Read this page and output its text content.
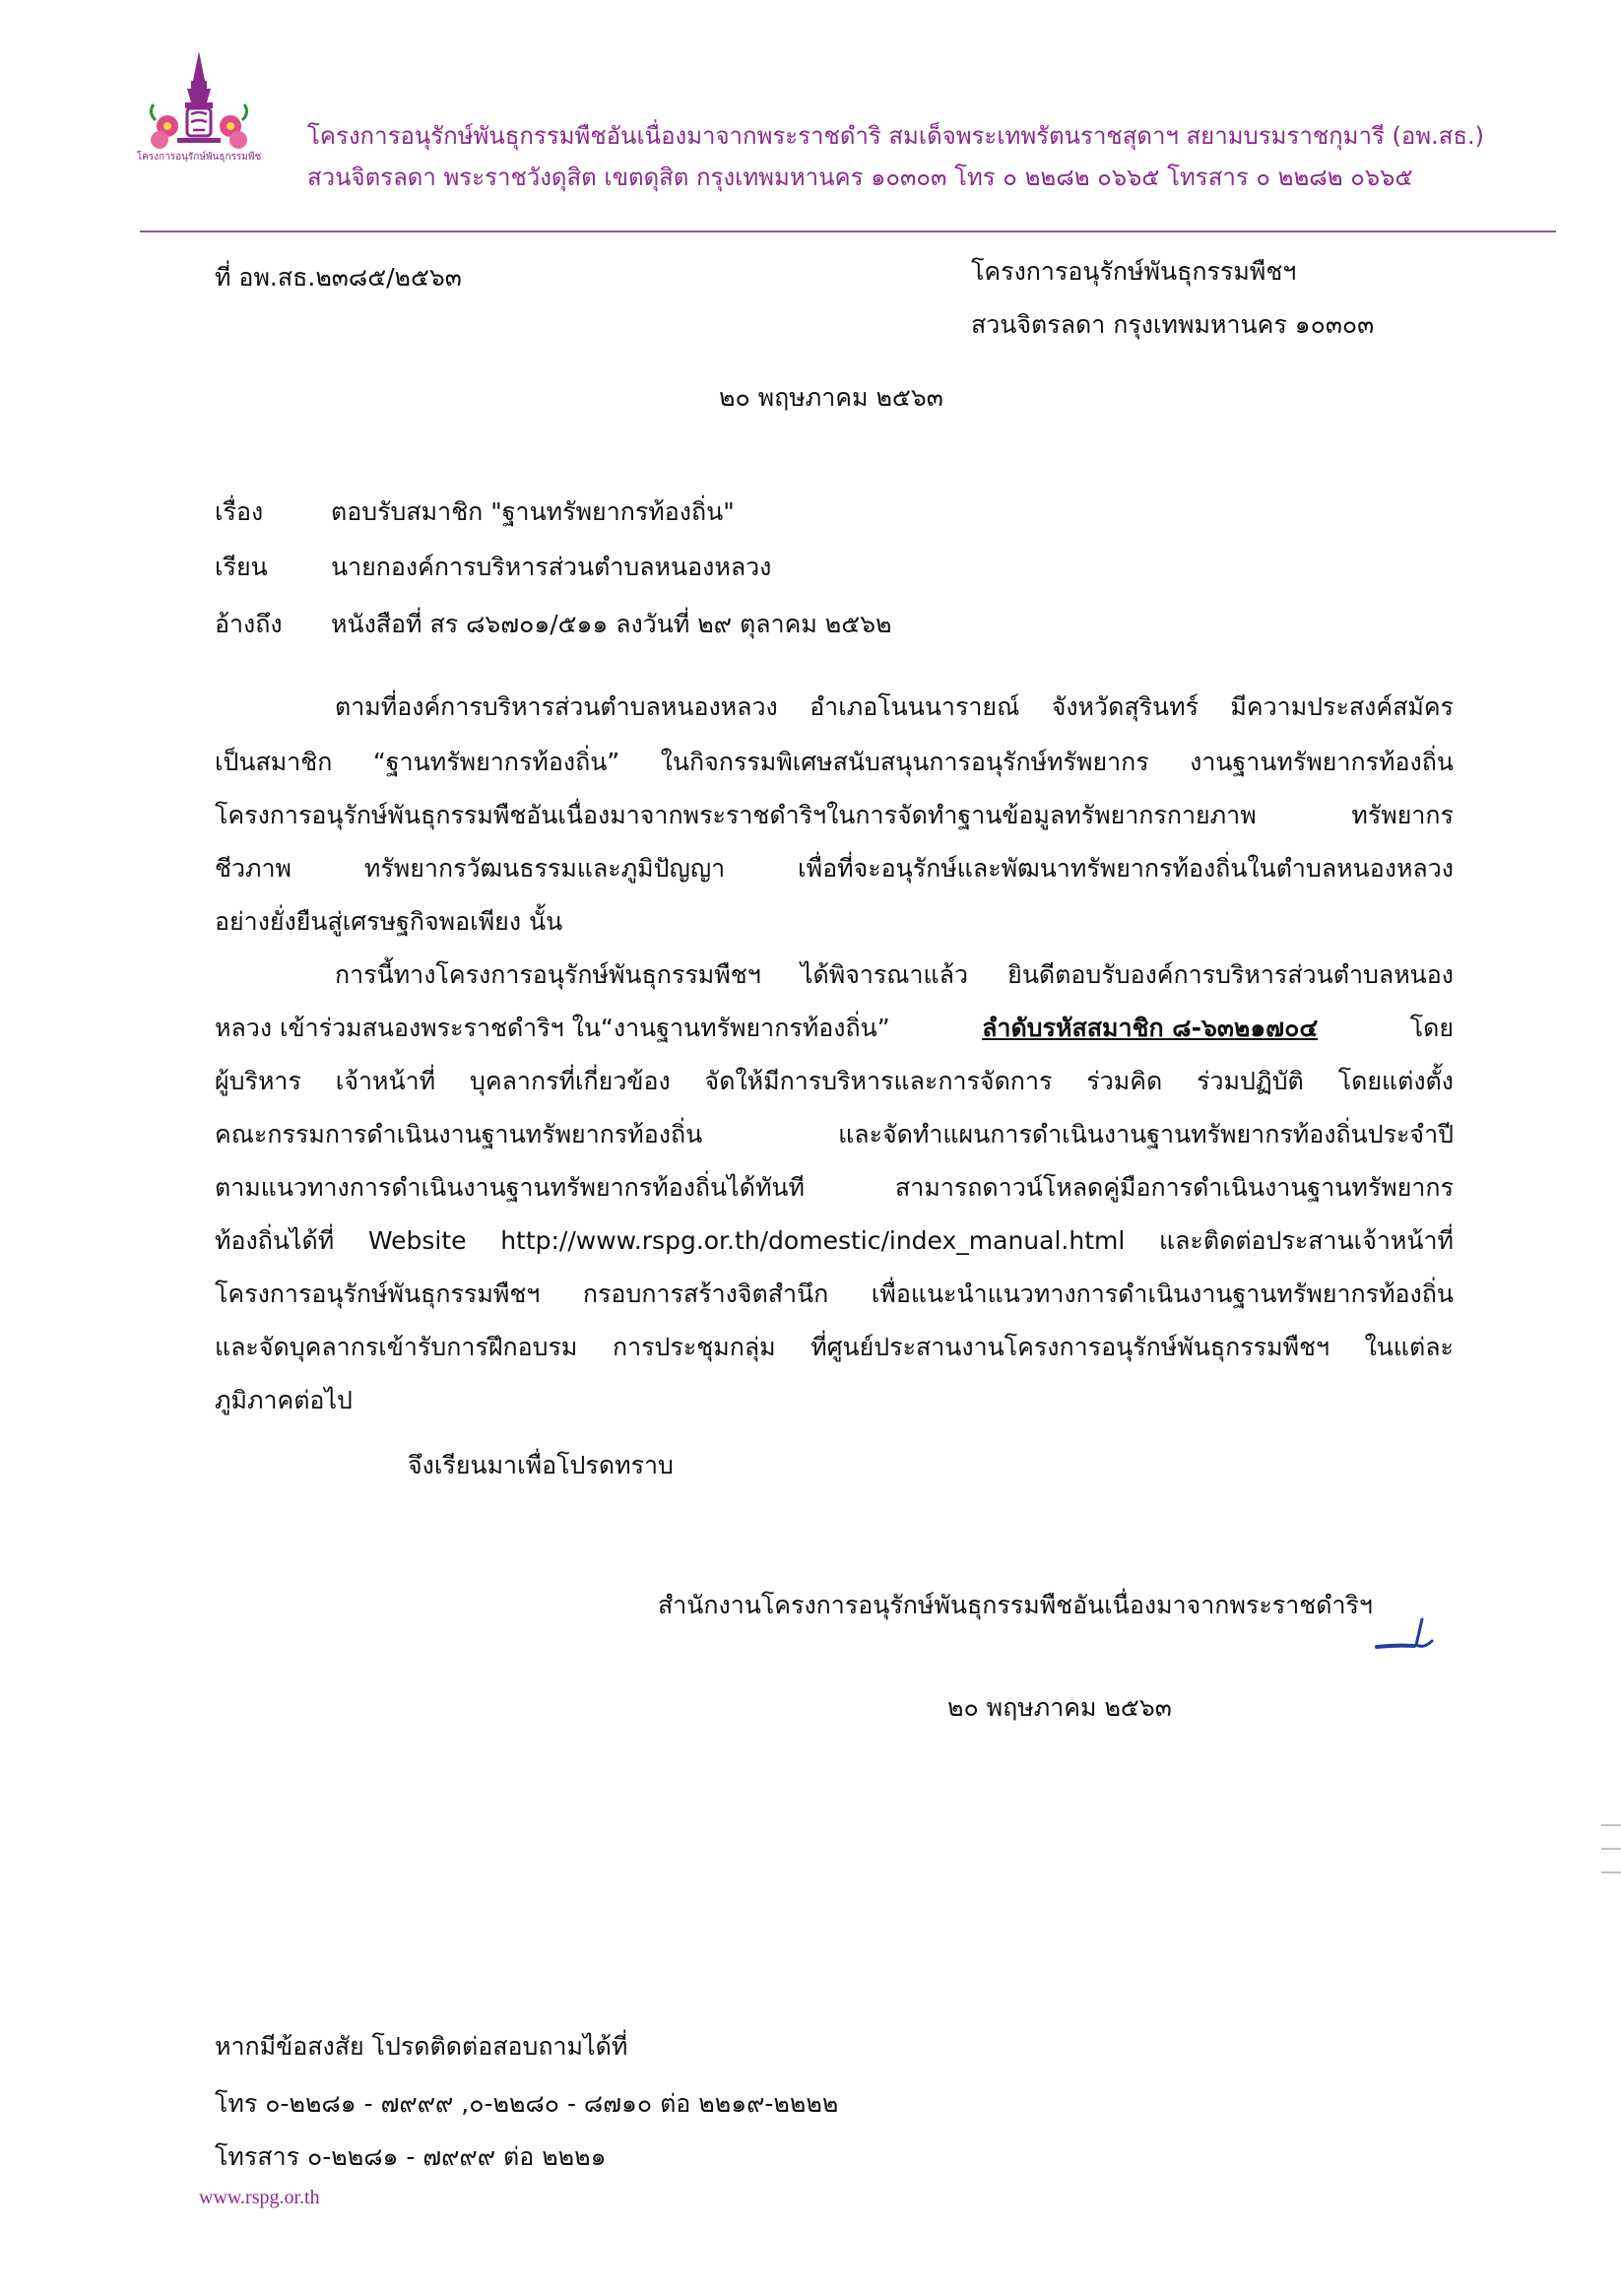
โครงการอนุรักษ์พันธุกรรมพืช
โครงการอนุรักษ์พันธุกรรมพืชอันเนื่องมาจากพระราชดำริ สมเด็จพระเทพรัตนราชสุดาฯ สยามบรมราชกุมารี (อพ.สธ.)
สวนจิตรลดา พระราชวังดุสิต เขตดุสิต กรุงเทพมหานคร ๑๐๓๐๓ โทร ๐ ๒๒๘๒ ๐๖๖๕ โทรสาร ๐ ๒๒๘๒ ๐๖๖๕
ที่ อพ.สธ.๒๓๘๕/๒๕๖๓	โครงการอนุรักษ์พันธุกรรมพืชฯ
สวนจิตรลดา กรุงเทพมหานคร ๑๐๓๐๓
๒๐ พฤษภาคม ๒๕๖๓
เรื่อง	ตอบรับสมาชิก "ฐานทรัพยากรท้องถิ่น"
เรียน	นายกองค์การบริหารส่วนตำบลหนองหลวง
อ้างถึง หนังสือที่ สร ๘๖๗๐๑/๕๑๑ ลงวันที่ ๒๙ ตุลาคม ๒๕๖๒
ตามที่องค์การบริหารส่วนตำบลหนองหลวง อำเภอโนนนารายณ์ จังหวัดสุรินทร์ มีความประสงค์สมัคร
เป็นสมาชิก “ฐานทรัพยากรท้องถิ่น” ในกิจกรรมพิเศษสนับสนุนการอนุรักษ์ทรัพยากร งานฐานทรัพยากรท้องถิ่น
โครงการอนุรักษ์พันธุกรรมพืชอันเนื่องมาจากพระราชดำริฯในการจัดทำฐานข้อมูลทรัพยากรกายภาพ ทรัพยากร
ชีวภาพ ทรัพยากรวัฒนธรรมและภูมิปัญญา เพื่อที่จะอนุรักษ์และพัฒนาทรัพยากรท้องถิ่นในตำบลหนองหลวง
อย่างยั่งยืนสู่เศรษฐกิจพอเพียง นั้น
การนี้ทางโครงการอนุรักษ์พันธุกรรมพืชฯ ได้พิจารณาแล้ว ยินดีตอบรับองค์การบริหารส่วนตำบลหนอง
หลวง เข้าร่วมสนองพระราชดำริฯ ใน“งานฐานทรัพยากรท้องถิ่น”	ลำดับรหัสสมาชิก ๘-๖๓๒๑๗๐๔	โดย
ผู้บริหาร เจ้าหน้าที่ บุคลากรที่เกี่ยวข้อง จัดให้มีการบริหารและการจัดการ ร่วมคิด ร่วมปฏิบัติ โดยแต่งตั้ง
คณะกรรมการดำเนินงานฐานทรัพยากรท้องถิ่น และจัดทำแผนการดำเนินงานฐานทรัพยากรท้องถิ่นประจำปี
ตามแนวทางการดำเนินงานฐานทรัพยากรท้องถิ่นได้ทันที สามารถดาวน์โหลดคู่มือการดำเนินงานฐานทรัพยากร
ท้องถิ่นได้ที่ Website http://www.rspg.or.th/domestic/index_manual.html และติดต่อประสานเจ้าหน้าที่
โครงการอนุรักษ์พันธุกรรมพืชฯ กรอบการสร้างจิตสำนึก เพื่อแนะนำแนวทางการดำเนินงานฐานทรัพยากรท้องถิ่น
และจัดบุคลากรเข้ารับการฝึกอบรม การประชุมกลุ่ม ที่ศูนย์ประสานงานโครงการอนุรักษ์พันธุกรรมพืชฯ ในแต่ละ
ภูมิภาคต่อไป
จึงเรียนมาเพื่อโปรดทราบ
สำนักงานโครงการอนุรักษ์พันธุกรรมพืชอันเนื่องมาจากพระราชดำริฯ
๒๐ พฤษภาคม ๒๕๖๓
หากมีข้อสงสัย โปรดติดต่อสอบถามได้ที่
โทร ๐-๒๒๘๑ - ๗๙๙๙ ,๐-๒๒๘๐ - ๘๗๑๐ ต่อ ๒๒๑๙-๒๒๒๒
โทรสาร ๐-๒๒๘๑ - ๗๙๙๙ ต่อ ๒๒๒๑
www.rspg.or.th
